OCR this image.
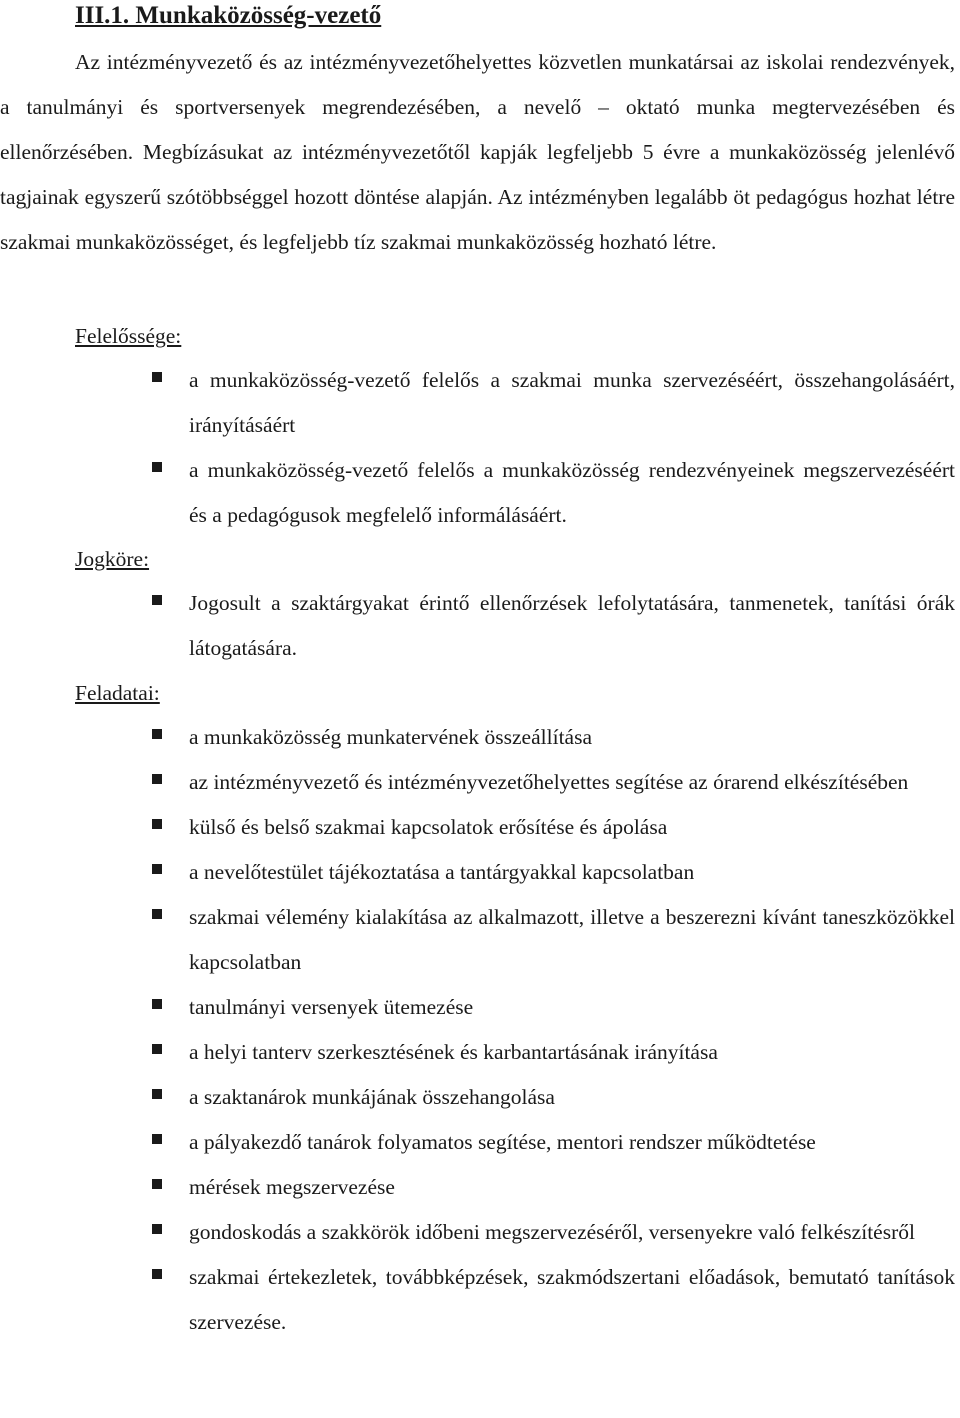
III.1. Munkaközösség-vezető

Az intézményvezető és az intézményvezetőhelyettes közvetlen munkatársai az iskolai rendezvények, a tanulmányi és sportversenyek megrendezésében, a nevelő – oktató munka megtervezésében és ellenőrzésében. Megbízásukat az intézményvezetőtől kapják legfeljebb 5 évre a munkaközösség jelenlévő tagjainak egyszerű szótöbbséggel hozott döntése alapján. Az intézményben legalább öt pedagógus hozhat létre szakmai munkaközösséget, és legfeljebb tíz szakmai munkaközösség hozható létre.

Felelőssége:
a munkaközösség-vezető felelős a szakmai munka szervezéséért, összehangolásáért, irányításáért
a munkaközösség-vezető felelős a munkaközösség rendezvényeinek megszervezéséért és a pedagógusok megfelelő informálásáért.
Jogköre:
Jogosult a szaktárgyakat érintő ellenőrzések lefolytatására, tanmenetek, tanítási órák látogatására.
Feladatai:
a munkaközösség munkatervének összeállítása
az intézményvezető és intézményvezetőhelyettes segítése az órarend elkészítésében
külső és belső szakmai kapcsolatok erősítése és ápolása
a nevelőtestület tájékoztatása a tantárgyakkal kapcsolatban
szakmai vélemény kialakítása az alkalmazott, illetve a beszerezni kívánt taneszközökkel kapcsolatban
tanulmányi versenyek ütemezése
a helyi tanterv szerkesztésének és karbantartásának irányítása
a szaktanárok munkájának összehangolása
a pályakezdő tanárok folyamatos segítése, mentori rendszer működtetése
mérések megszervezése
gondoskodás a szakkörök időbeni megszervezéséről, versenyekre való felkészítésről
szakmai értekezletek, továbbképzések, szakmódszertani előadások, bemutató tanítások szervezése.
